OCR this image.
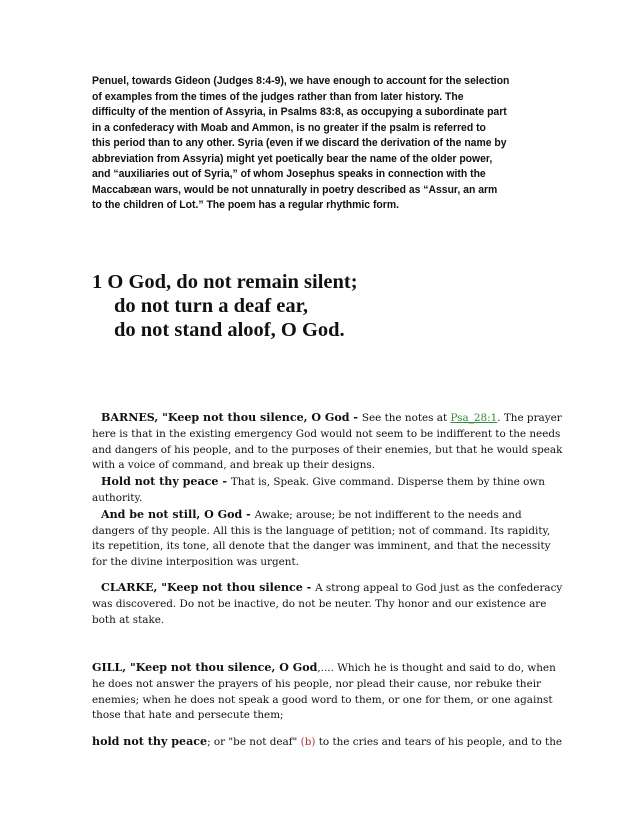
Penuel, towards Gideon (Judges 8:4-9), we have enough to account for the selection
of examples from the times of the judges rather than from later history. The
difficulty of the mention of Assyria, in Psalms 83:8, as occupying a subordinate part
in a confederacy with Moab and Ammon, is no greater if the psalm is referred to
this period than to any other. Syria (even if we discard the derivation of the name by
abbreviation from Assyria) might yet poetically bear the name of the older power,
and “auxiliaries out of Syria,” of whom Josephus speaks in connection with the
Maccabæan wars, would be not unnaturally in poetry described as “Assur, an arm
to the children of Lot.” The poem has a regular rhythmic form.
1 O God, do not remain silent;
do not turn a deaf ear,
do not stand aloof, O God.
BARNES, "Keep not thou silence, O God - See the notes at Psa_28:1. The prayer
here is that in the existing emergency God would not seem to be indifferent to the needs
and dangers of his people, and to the purposes of their enemies, but that he would speak
with a voice of command, and break up their designs.
Hold not thy peace - That is, Speak. Give command. Disperse them by thine own
authority.
And be not still, O God - Awake; arouse; be not indifferent to the needs and
dangers of thy people. All this is the language of petition; not of command. Its rapidity,
its repetition, its tone, all denote that the danger was imminent, and that the necessity
for the divine interposition was urgent.
CLARKE, "Keep not thou silence - A strong appeal to God just as the confederacy
was discovered. Do not be inactive, do not be neuter. Thy honor and our existence are
both at stake.
GILL, "Keep not thou silence, O God,.... Which he is thought and said to do, when
he does not answer the prayers of his people, nor plead their cause, nor rebuke their
enemies; when he does not speak a good word to them, or one for them, or one against
those that hate and persecute them;
hold not thy peace; or "be not deaf" (b) to the cries and tears of his people, and to the
